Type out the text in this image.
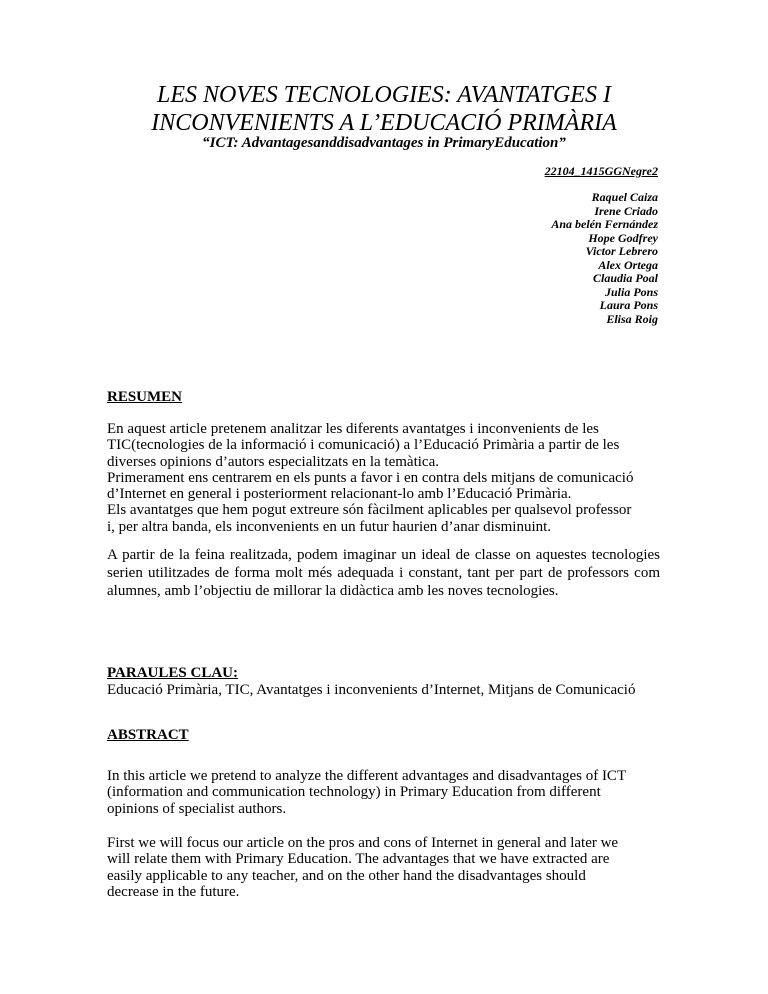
LES NOVES TECNOLOGIES: AVANTATGES I
INCONVENIENTS A L’EDUCACIÓ PRIMÀRIA
“ICT: Advantagesanddisadvantages in PrimaryEducation”
22104_1415GGNegre2
Raquel Caiza
Irene Criado
Ana belén Fernández
Hope Godfrey
Victor Lebrero
Alex Ortega
Claudia Poal
Julia Pons
Laura Pons
Elisa Roig
RESUMEN
En aquest article pretenem analitzar les diferents avantatges i inconvenients de les
TIC(tecnologies de la informació i comunicació) a l’Educació Primària a partir de les
diverses opinions d’autors especialitzats en la temàtica.
Primerament ens centrarem en els punts a favor i en contra dels mitjans de comunicació
d’Internet en general i posteriorment relacionant-lo amb l’Educació Primària.
Els avantatges que hem pogut extreure són fàcilment aplicables per qualsevol professor
i, per altra banda, els inconvenients en un futur haurien d’anar disminuint.
A partir de la feina realitzada, podem imaginar un ideal de classe on aquestes tecnologies serien utilitzades de forma molt més adequada i constant, tant per part de professors com alumnes, amb l’objectiu de millorar la didàctica amb les noves tecnologies.
PARAULES CLAU:
Educació Primària, TIC, Avantatges i inconvenients d’Internet, Mitjans de Comunicació
ABSTRACT
In this article we pretend to analyze the different advantages and disadvantages of ICT
(information and communication technology) in Primary Education from different
opinions of specialist authors.
First we will focus our article on the pros and cons of Internet in general and later we
will relate them with Primary Education. The advantages that we have extracted are
easily applicable to any teacher, and on the other hand the disadvantages should
decrease in the future.
